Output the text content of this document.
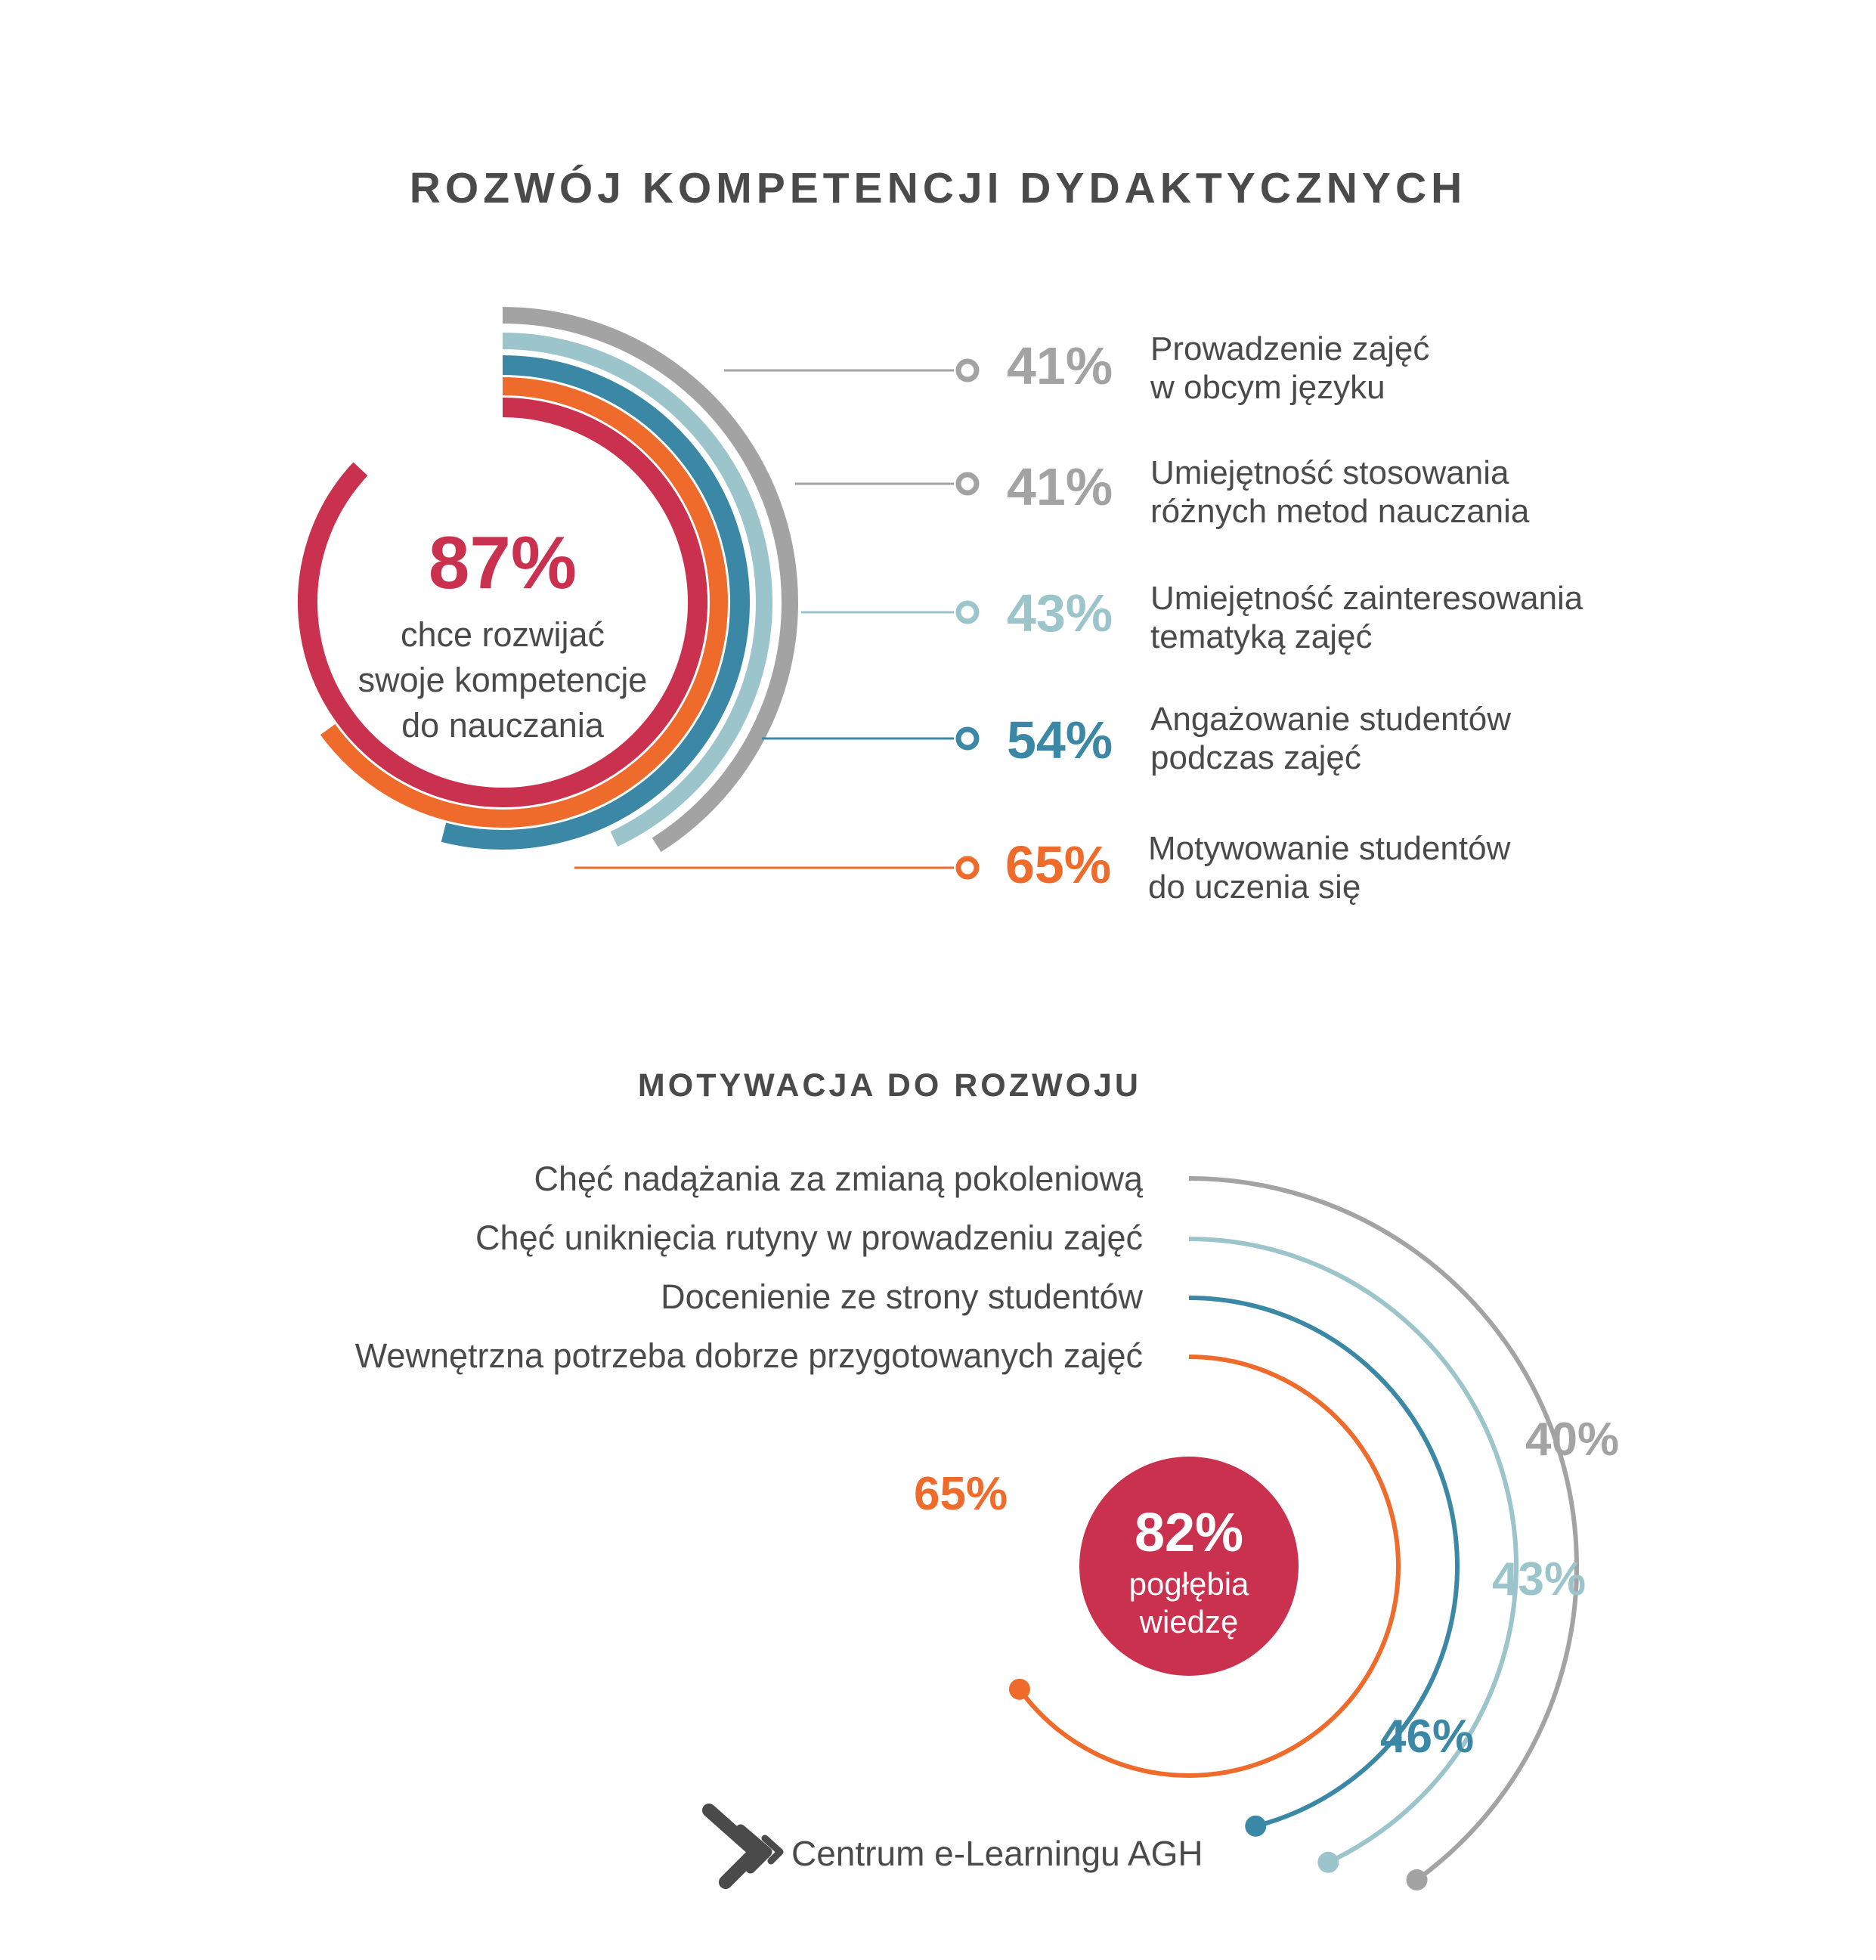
ROZWÓJ KOMPETENCJI DYDAKTYCZNYCH
87%
chce rozwijać
swoje kompetencje
do nauczania
41%
41%
43%
54%
65%
Prowadzenie zajęć
w obcym języku
Umiejętność stosowania
różnych metod nauczania
Umiejętność zainteresowania
tematyką zajęć
Angażowanie studentów
podczas zajęć
Motywowanie studentów
do uczenia się
MOTYWACJA DO ROZWOJU
Chęć nadążania za zmianą pokoleniową
Chęć uniknięcia rutyny w prowadzeniu zajęć
Docenienie ze strony studentów
Wewnętrzna potrzeba dobrze przygotowanych zajęć
82%
pogłębia
wiedzę
40%
43%
46%
65%
Centrum e-Learningu AGH
